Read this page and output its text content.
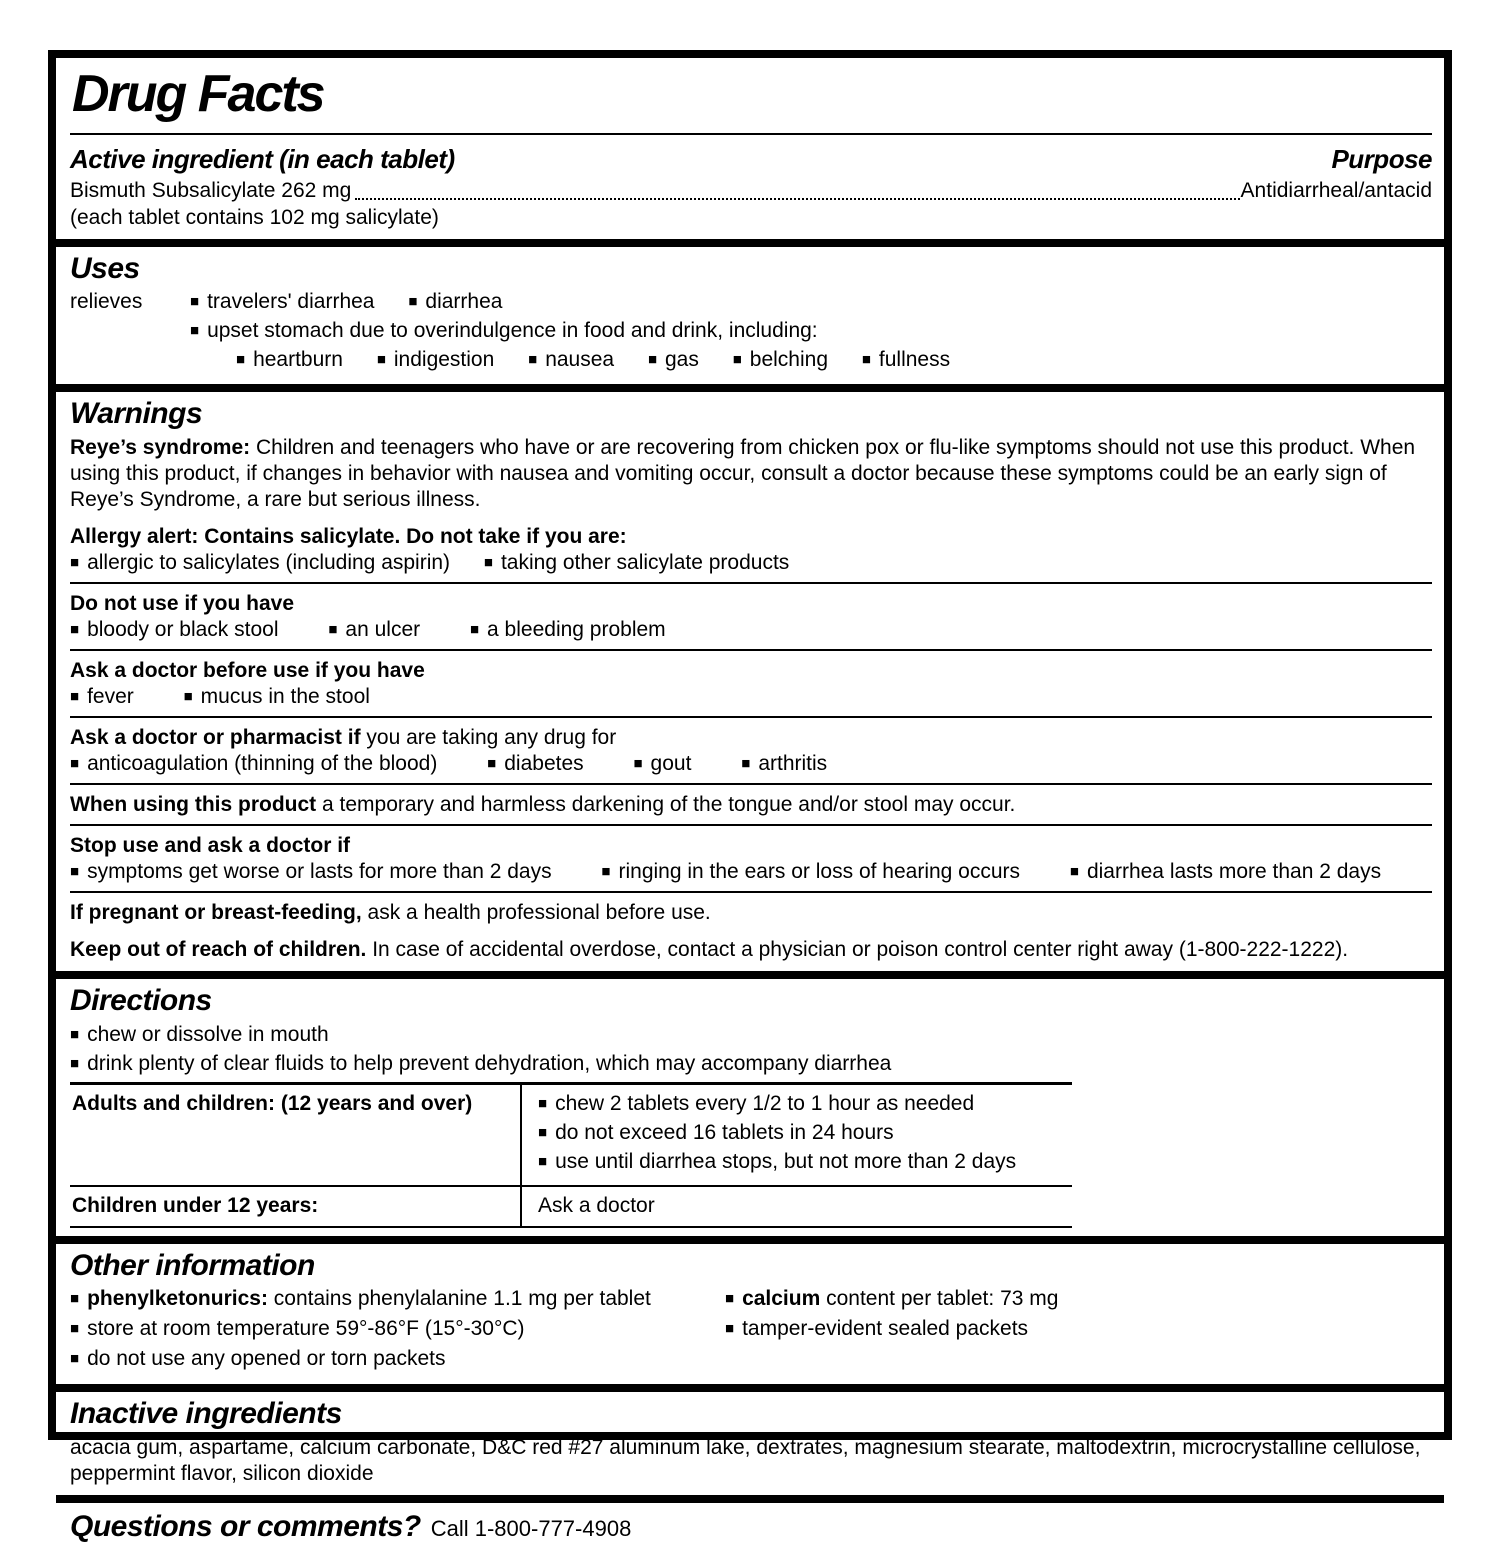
Drug Facts
Active ingredient (in each tablet)	Purpose
Bismuth Subsalicylate 262 mg	Antidiarrheal/antacid
(each tablet contains 102 mg salicylate)
Uses
relieves	■ travelers' diarrhea ■ diarrhea
■ upset stomach due to overindulgence in food and drink, including:
■ heartburn ■ indigestion ■ nausea ■ gas ■ belching ■ fullness
Warnings
Reye’s syndrome: Children and teenagers who have or are recovering from chicken pox or flu-like symptoms should not use this product. When using this product, if changes in behavior with nausea and vomiting occur, consult a doctor because these symptoms could be an early sign of Reye’s Syndrome, a rare but serious illness.
Allergy alert: Contains salicylate. Do not take if you are:
■ allergic to salicylates (including aspirin) ■ taking other salicylate products
Do not use if you have
■ bloody or black stool	■ an ulcer	■ a bleeding problem
Ask a doctor before use if you have
■ fever	■ mucus in the stool
Ask a doctor or pharmacist if you are taking any drug for
■ anticoagulation (thinning of the blood)	■ diabetes	■ gout	■ arthritis
When using this product a temporary and harmless darkening of the tongue and/or stool may occur.
Stop use and ask a doctor if
■ symptoms get worse or lasts for more than 2 days	■ ringing in the ears or loss of hearing occurs	■ diarrhea lasts more than 2 days
If pregnant or breast-feeding, ask a health professional before use.
Keep out of reach of children. In case of accidental overdose, contact a physician or poison control center right away (1-800-222-1222).
Directions
■ chew or dissolve in mouth
■ drink plenty of clear fluids to help prevent dehydration, which may accompany diarrhea
Adults and children: (12 years and over)	■ chew 2 tablets every 1/2 to 1 hour as needed
■ do not exceed 16 tablets in 24 hours
■ use until diarrhea stops, but not more than 2 days
Children under 12 years:	Ask a doctor
Other information
■ phenylketonurics: contains phenylalanine 1.1 mg per tablet
■ store at room temperature 59°-86°F (15°-30°C)
■ do not use any opened or torn packets
■ calcium content per tablet: 73 mg
■ tamper-evident sealed packets
Inactive ingredients
acacia gum, aspartame, calcium carbonate, D&C red #27 aluminum lake, dextrates, magnesium stearate, maltodextrin, microcrystalline cellulose, peppermint flavor, silicon dioxide
Questions or comments? Call 1-800-777-4908
